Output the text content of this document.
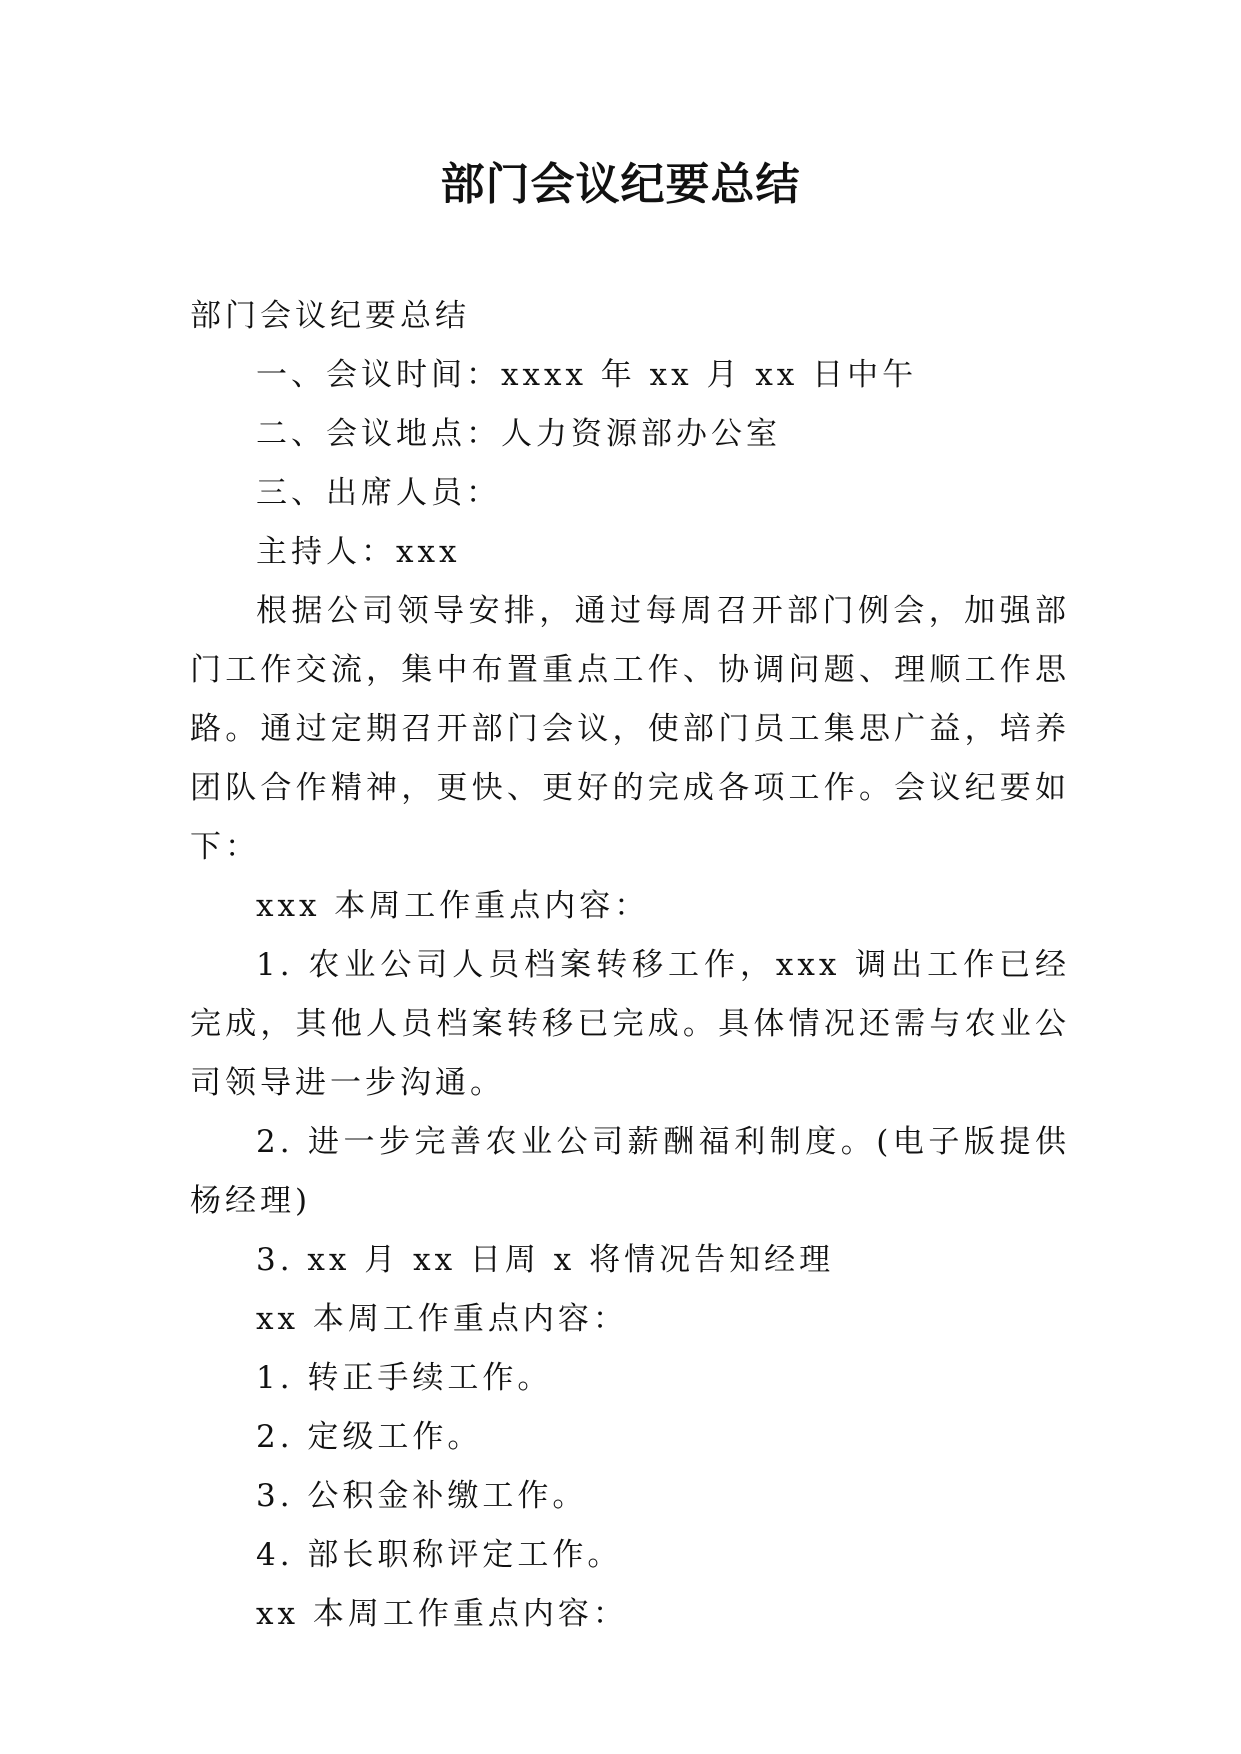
部门会议纪要总结
部门会议纪要总结
一、会议时间：xxxx 年 xx 月 xx 日中午
二、会议地点：人力资源部办公室
三、出席人员：
主持人：xxx

根据公司领导安排，通过每周召开部门例会，加强部门工作交流，集中布置重点工作、协调问题、理顺工作思路。通过定期召开部门会议，使部门员工集思广益，培养团队合作精神，更快、更好的完成各项工作。会议纪要如下：

xxx 本周工作重点内容：

1. 农业公司人员档案转移工作，xxx 调出工作已经完成，其他人员档案转移已完成。具体情况还需与农业公司领导进一步沟通。

2. 进一步完善农业公司薪酬福利制度。(电子版提供杨经理)

3. xx 月 xx 日周 x 将情况告知经理
xx 本周工作重点内容：
1. 转正手续工作。
2. 定级工作。
3. 公积金补缴工作。
4. 部长职称评定工作。
xx 本周工作重点内容：
